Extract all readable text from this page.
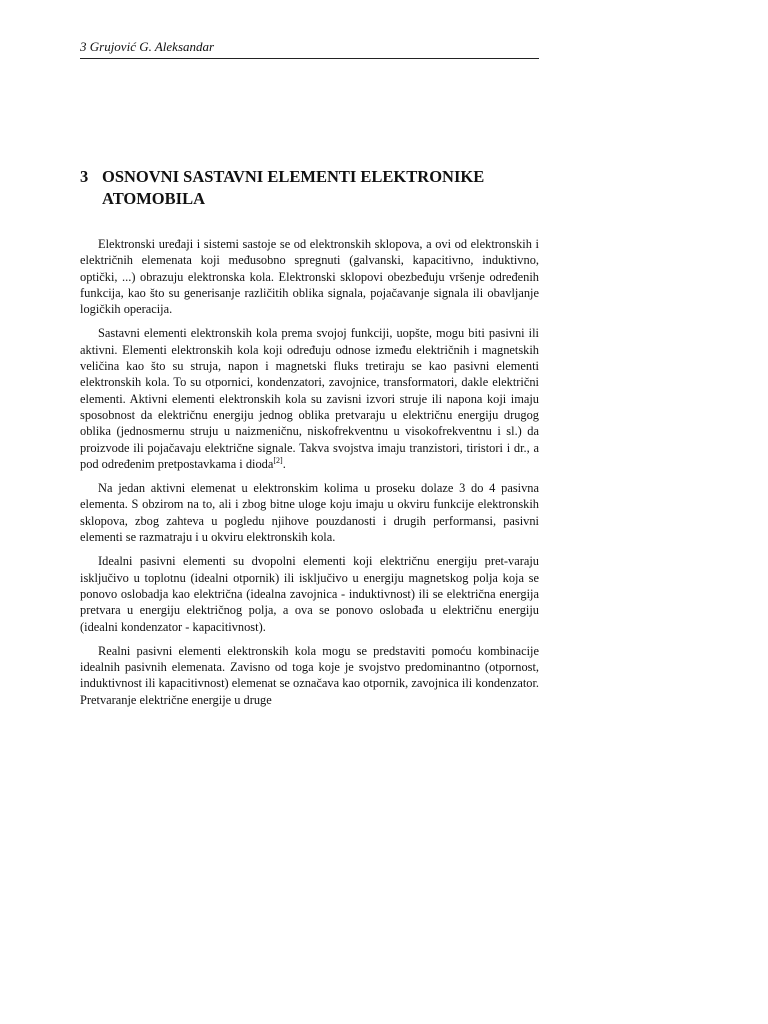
3 Grujović G. Aleksandar
3 OSNOVNI SASTAVNI ELEMENTI ELEKTRONIKE ATOMOBILA

Elektronski uređaji i sistemi sastoje se od elektronskih sklopova, a ovi od elektronskih i električnih elemenata koji međusobno spregnuti (galvanski, kapacitivno, induktivno, optički, ...) obrazuju elektronska kola. Elektronski sklopovi obezbeđuju vršenje određenih funkcija, kao što su generisanje različitih oblika signala, pojačavanje signala ili obavljanje logičkih operacija.

Sastavni elementi elektronskih kola prema svojoj funkciji, uopšte, mogu biti pasivni ili aktivni. Elementi elektronskih kola koji određuju odnose između električnih i magnetskih veličina kao što su struja, napon i magnetski fluks tretiraju se kao pasivni elementi elektronskih kola. To su otpornici, kondenzatori, zavojnice, transformatori, dakle električni elementi. Aktivni elementi elektronskih kola su zavisni izvori struje ili napona koji imaju sposobnost da električnu energiju jednog oblika pretvaraju u električnu energiju drugog oblika (jednosmernu struju u naizmeničnu, niskofrekventnu u visokofrekventnu i sl.) da proizvode ili pojačavaju električne signale. Takva svojstva imaju tranzistori, tiristori i dr., a pod određenim pretpostavkama i dioda[2].

Na jedan aktivni elemenat u elektronskim kolima u proseku dolaze 3 do 4 pasivna elementa. S obzirom na to, ali i zbog bitne uloge koju imaju u okviru funkcije elektronskih sklopova, zbog zahteva u pogledu njihove pouzdanosti i drugih performansi, pasivni elementi se razmatraju i u okviru elektronskih kola.

Idealni pasivni elementi su dvopolni elementi koji električnu energiju pret-varaju isključivo u toplotnu (idealni otpornik) ili isključivo u energiju magnetskog polja koja se ponovo oslobadja kao električna (idealna zavojnica - induktivnost) ili se električna energija pretvara u energiju električnog polja, a ova se ponovo oslobađa u električnu energiju (idealni kondenzator - kapacitivnost).

Realni pasivni elementi elektronskih kola mogu se predstaviti pomoću kombinacije idealnih pasivnih elemenata. Zavisno od toga koje je svojstvo predominantno (otpornost, induktivnost ili kapacitivnost) elemenat se označava kao otpornik, zavojnica ili kondenzator. Pretvaranje električne energije u druge
